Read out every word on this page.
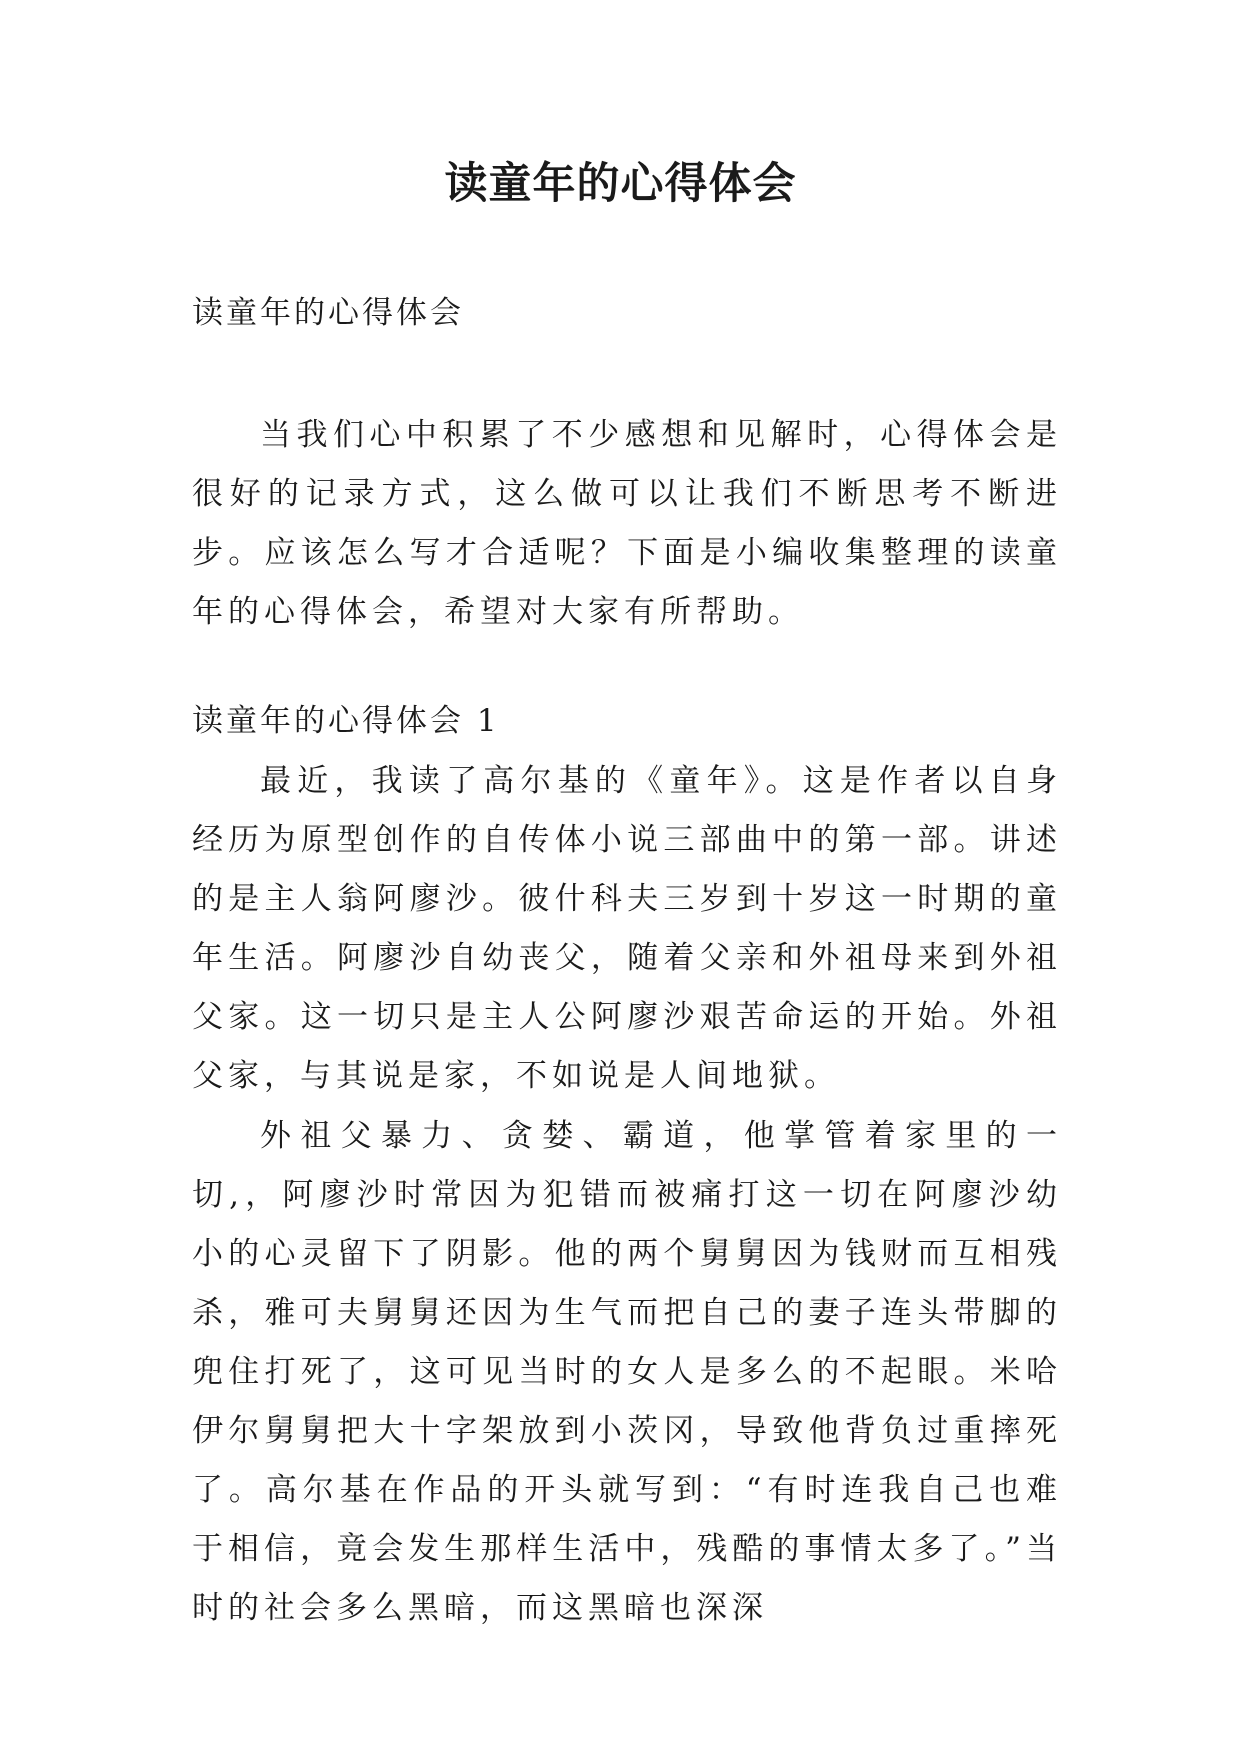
读童年的心得体会

读童年的心得体会

当我们心中积累了不少感想和见解时，心得体会是很好的记录方式，这么做可以让我们不断思考不断进步。应该怎么写才合适呢？下面是小编收集整理的读童年的心得体会，希望对大家有所帮助。

读童年的心得体会 1

最近，我读了高尔基的《童年》。这是作者以自身经历为原型创作的自传体小说三部曲中的第一部。讲述的是主人翁阿廖沙。彼什科夫三岁到十岁这一时期的童年生活。阿廖沙自幼丧父，随着父亲和外祖母来到外祖父家。这一切只是主人公阿廖沙艰苦命运的开始。外祖父家，与其说是家，不如说是人间地狱。

外祖父暴力、贪婪、霸道，他掌管着家里的一切,，阿廖沙时常因为犯错而被痛打这一切在阿廖沙幼小的心灵留下了阴影。他的两个舅舅因为钱财而互相残杀，雅可夫舅舅还因为生气而把自己的妻子连头带脚的兜住打死了，这可见当时的女人是多么的不起眼。米哈伊尔舅舅把大十字架放到小茨冈，导致他背负过重摔死了。高尔基在作品的开头就写到：“有时连我自己也难于相信，竟会发生那样生活中，残酷的事情太多了。”当时的社会多么黑暗，而这黑暗也深深
